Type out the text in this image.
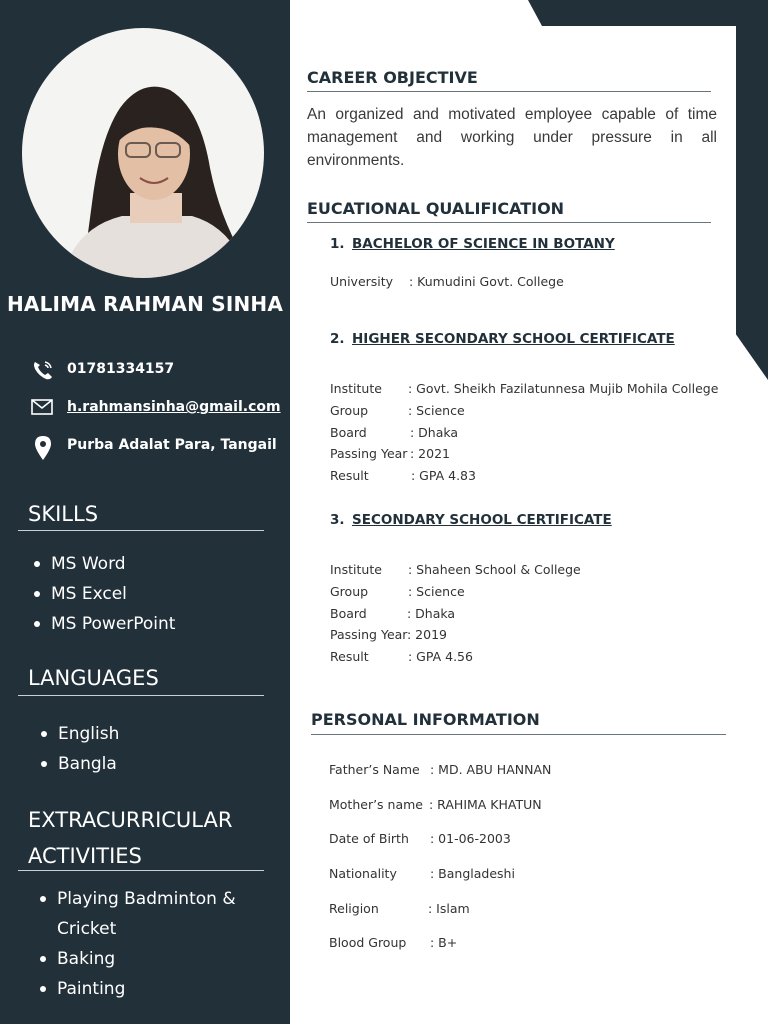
HALIMA RAHMAN SINHA
01781334157
h.rahmansinha@gmail.com
Purba Adalat Para, Tangail
SKILLS
MS Word
MS Excel
MS PowerPoint
LANGUAGES
English
Bangla
EXTRACURRICULAR
ACTIVITIES
Playing Badminton &
Cricket
Baking
Painting
CAREER OBJECTIVE
An organized and motivated employee capable of time management and working under pressure in all environments.
EUCATIONAL QUALIFICATION
1. BACHELOR OF SCIENCE IN BOTANY
University : Kumudini Govt. College
2. HIGHER SECONDARY SCHOOL CERTIFICATE
Institute : Govt. Sheikh Fazilatunnesa Mujib Mohila College
Group	: Science
Board	: Dhaka
Passing Year : 2021
Result	: GPA 4.83
3. SECONDARY SCHOOL CERTIFICATE
Institute : Shaheen School & College
Group	: Science
Board	: Dhaka
Passing Year : 2019
Result	: GPA 4.56
PERSONAL INFORMATION
Father’s Name : MD. ABU HANNAN
Mother’s name : RAHIMA KHATUN
Date of Birth : 01-06-2003
Nationality	: Bangladeshi
Religion	: Islam
Blood Group : B+
